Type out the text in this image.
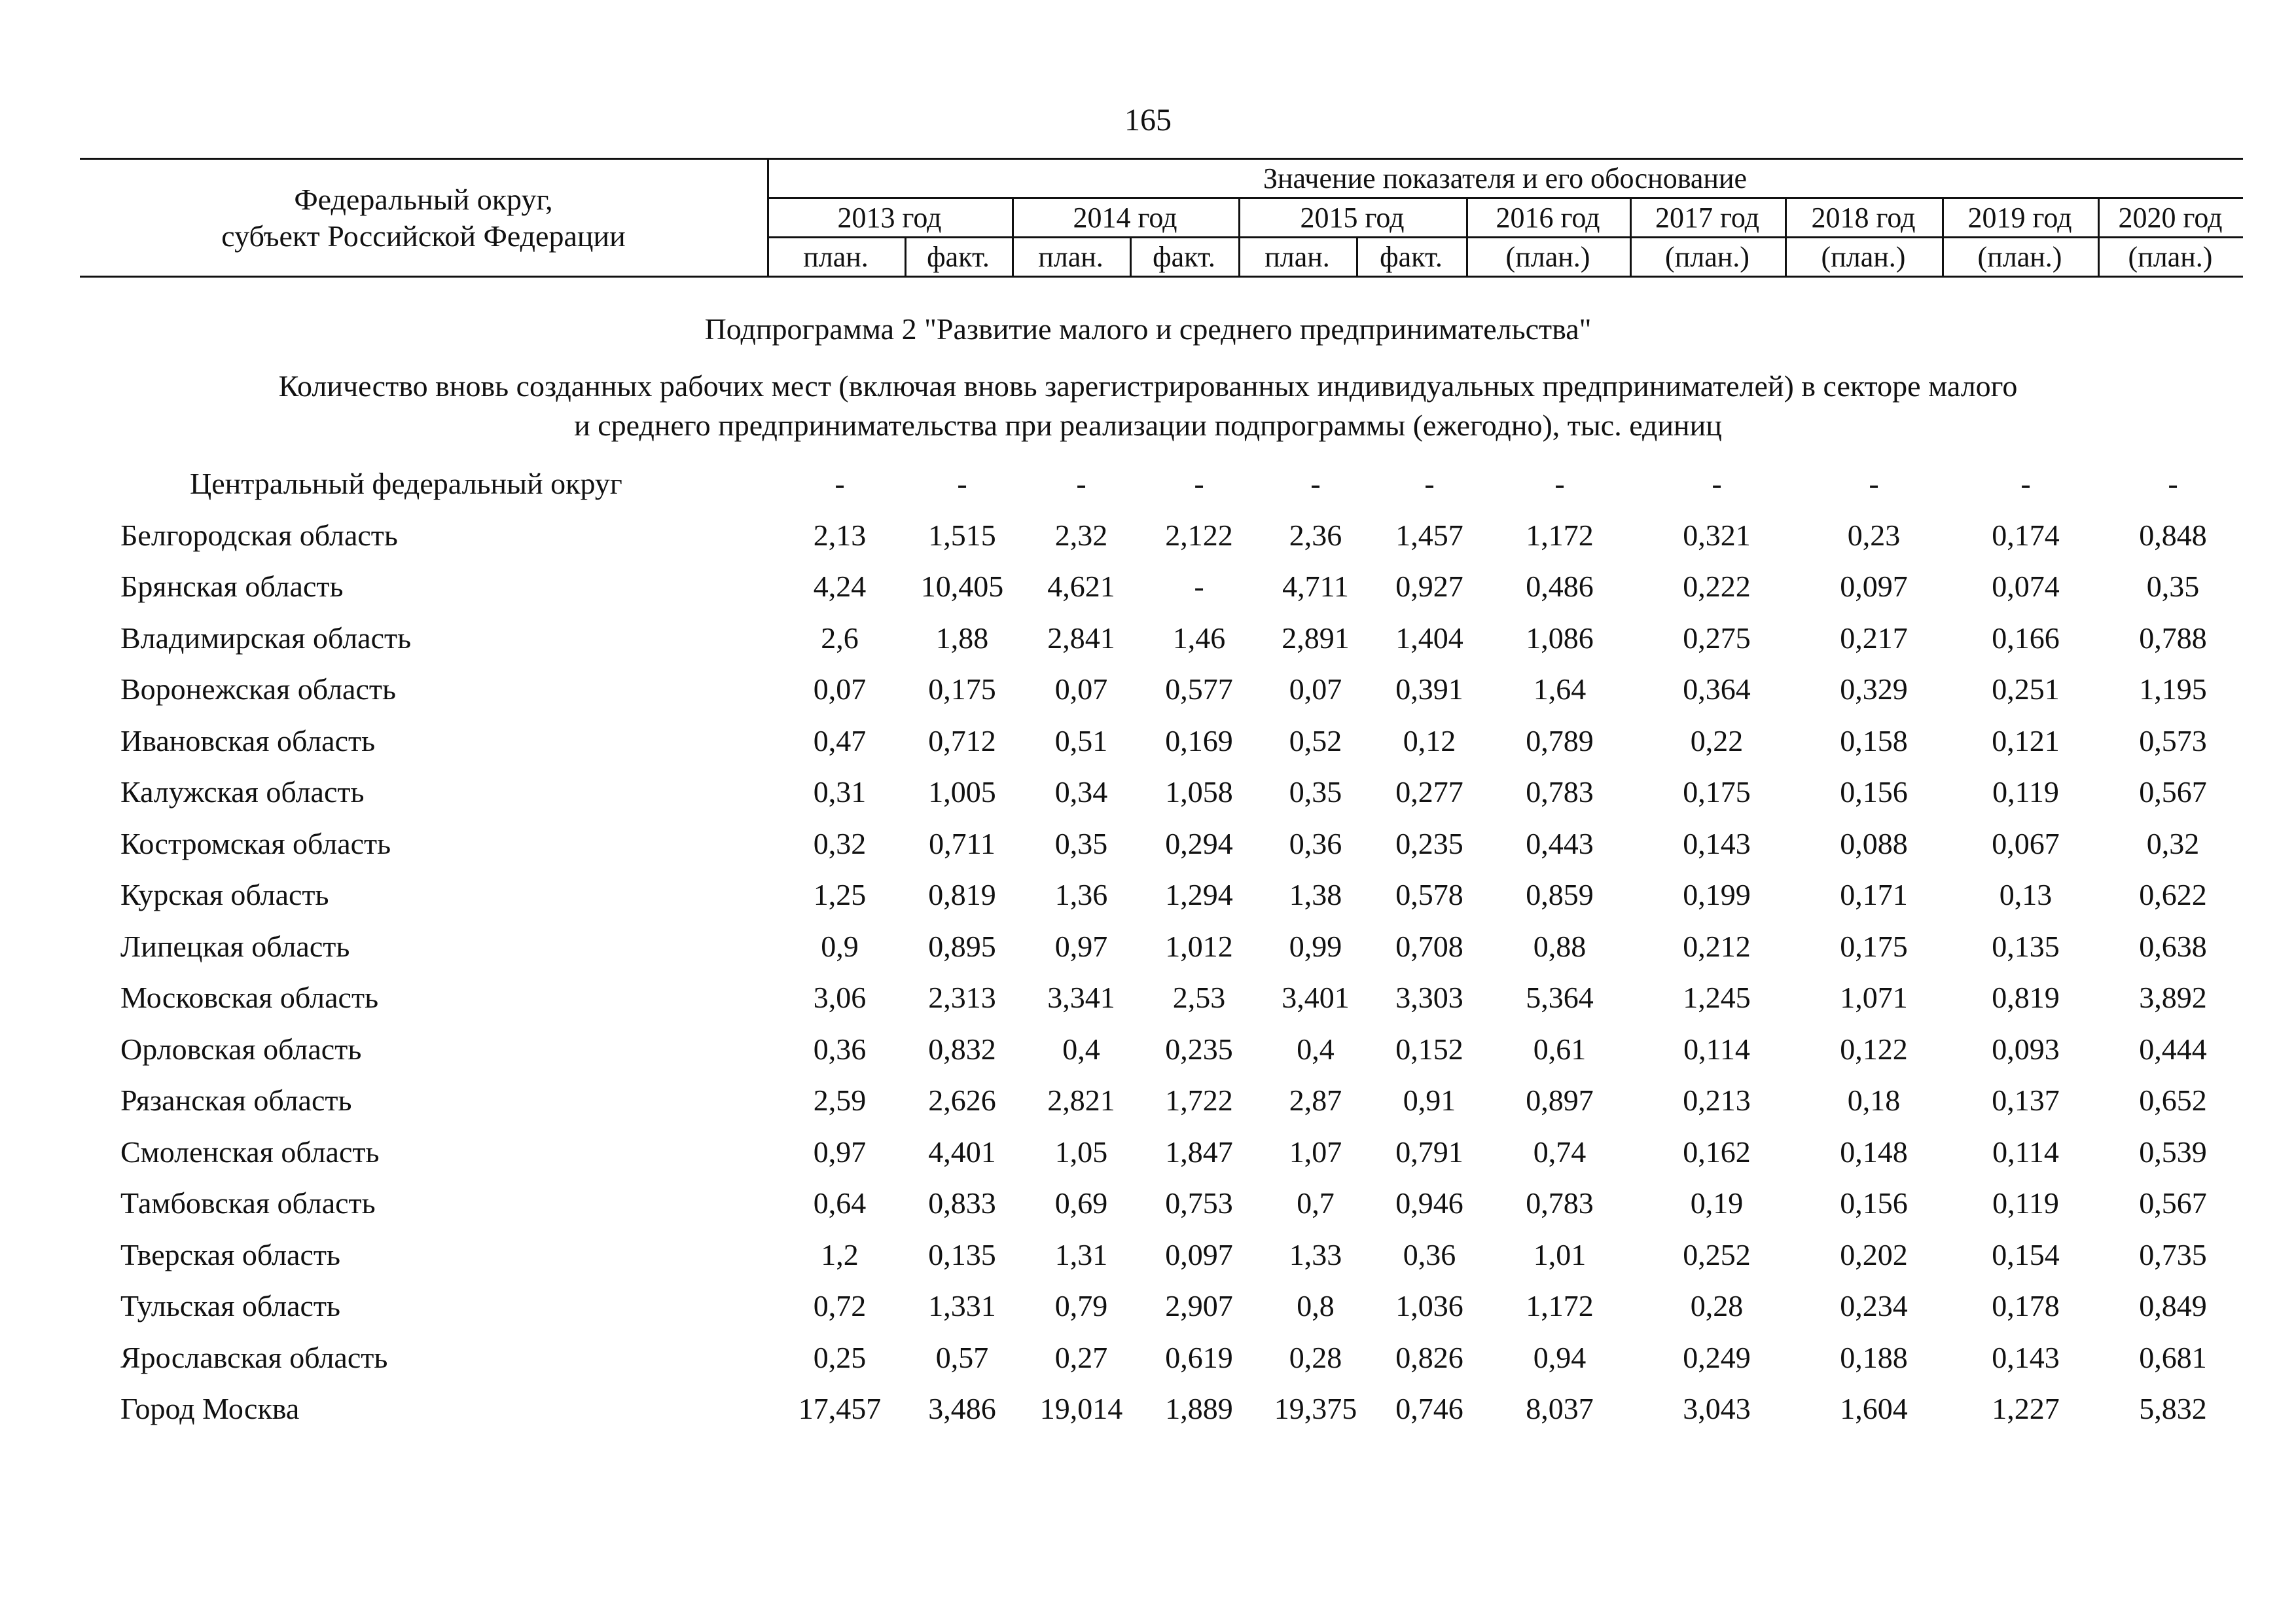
165
Федеральный округ,
субъект Российской Федерации
Значение показателя и его обоснование
2013 год
план.	факт.
2014 год
план.	факт.
2015 год
план.	факт.
2016 год
(план.)
2017 год
(план.)
2018 год
(план.)
2019 год
(план.)
2020 год
(план.)
Подпрограмма 2 "Развитие малого и среднего предпринимательства"
Количество вновь созданных рабочих мест (включая вновь зарегистрированных индивидуальных предпринимателей) в секторе малого
и среднего предпринимательства при реализации подпрограммы (ежегодно), тыс. единиц
Центральный федеральный округ	-	-	-	-	-	-	-	-	-	-	-
Белгородская область	2,13	1,515	2,32	2,122	2,36	1,457	1,172	0,321	0,23	0,174	0,848
Брянская область	4,24	10,405	4,621	-	4,711	0,927	0,486	0,222	0,097	0,074	0,35
Владимирская область	2,6	1,88	2,841	1,46	2,891	1,404	1,086	0,275	0,217	0,166	0,788
Воронежская область	0,07	0,175	0,07	0,577	0,07	0,391	1,64	0,364	0,329	0,251	1,195
Ивановская область	0,47	0,712	0,51	0,169	0,52	0,12	0,789	0,22	0,158	0,121	0,573
Калужская область	0,31	1,005	0,34	1,058	0,35	0,277	0,783	0,175	0,156	0,119	0,567
Костромская область	0,32	0,711	0,35	0,294	0,36	0,235	0,443	0,143	0,088	0,067	0,32
Курская область	1,25	0,819	1,36	1,294	1,38	0,578	0,859	0,199	0,171	0,13	0,622
Липецкая область	0,9	0,895	0,97	1,012	0,99	0,708	0,88	0,212	0,175	0,135	0,638
Московская область	3,06	2,313	3,341	2,53	3,401	3,303	5,364	1,245	1,071	0,819	3,892
Орловская область	0,36	0,832	0,4	0,235	0,4	0,152	0,61	0,114	0,122	0,093	0,444
Рязанская область	2,59	2,626	2,821	1,722	2,87	0,91	0,897	0,213	0,18	0,137	0,652
Смоленская область	0,97	4,401	1,05	1,847	1,07	0,791	0,74	0,162	0,148	0,114	0,539
Тамбовская область	0,64	0,833	0,69	0,753	0,7	0,946	0,783	0,19	0,156	0,119	0,567
Тверская область	1,2	0,135	1,31	0,097	1,33	0,36	1,01	0,252	0,202	0,154	0,735
Тульская область	0,72	1,331	0,79	2,907	0,8	1,036	1,172	0,28	0,234	0,178	0,849
Ярославская область	0,25	0,57	0,27	0,619	0,28	0,826	0,94	0,249	0,188	0,143	0,681
Город Москва	17,457	3,486	19,014	1,889	19,375	0,746	8,037	3,043	1,604	1,227	5,832
